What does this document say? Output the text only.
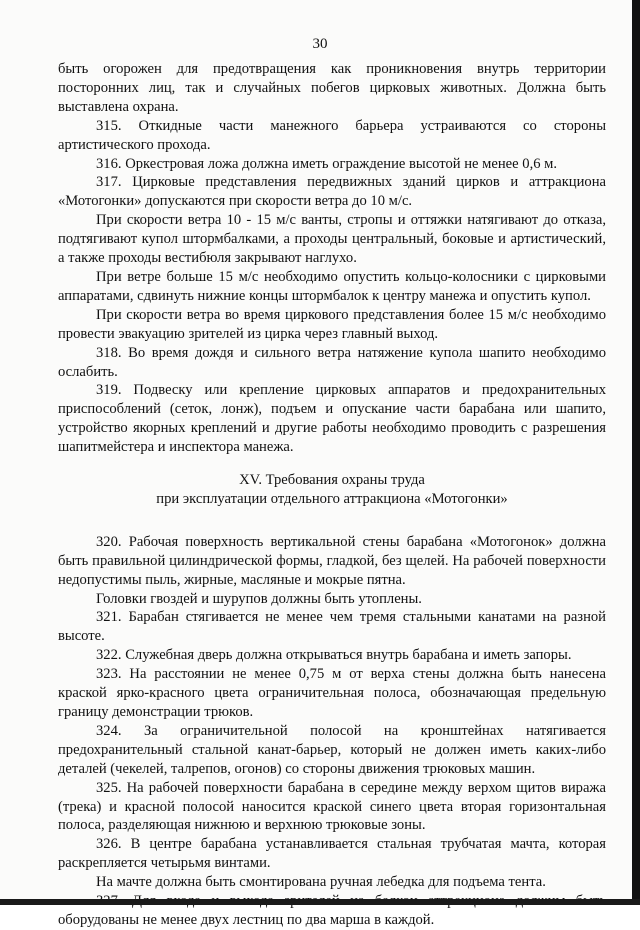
30

быть огорожен для предотвращения как проникновения внутрь территории посторонних лиц, так и случайных побегов цирковых животных. Должна быть выставлена охрана.

315. Откидные части манежного барьера устраиваются со стороны артистического прохода.

316. Оркестровая ложа должна иметь ограждение высотой не менее 0,6 м.

317. Цирковые представления передвижных зданий цирков и аттракциона «Мотогонки» допускаются при скорости ветра до 10 м/с.

При скорости ветра 10 - 15 м/с ванты, стропы и оттяжки натягивают до отказа, подтягивают купол штормбалками, а проходы центральный, боковые и артистический, а также проходы вестибюля закрывают наглухо.

При ветре больше 15 м/с необходимо опустить кольцо-колосники с цирковыми аппаратами, сдвинуть нижние концы штормбалок к центру манежа и опустить купол.

При скорости ветра во время циркового представления более 15 м/с необходимо провести эвакуацию зрителей из цирка через главный выход.

318. Во время дождя и сильного ветра натяжение купола шапито необходимо ослабить.

319. Подвеску или крепление цирковых аппаратов и предохранительных приспособлений (сеток, лонж), подъем и опускание части барабана или шапито, устройство якорных креплений и другие работы необходимо проводить с разрешения шапитмейстера и инспектора манежа.

XV. Требования охраны труда
при эксплуатации отдельного аттракциона «Мотогонки»

320. Рабочая поверхность вертикальной стены барабана «Мотогонок» должна быть правильной цилиндрической формы, гладкой, без щелей. На рабочей поверхности недопустимы пыль, жирные, масляные и мокрые пятна.

Головки гвоздей и шурупов должны быть утоплены.

321. Барабан стягивается не менее чем тремя стальными канатами на разной высоте.

322. Служебная дверь должна открываться внутрь барабана и иметь запоры.

323. На расстоянии не менее 0,75 м от верха стены должна быть нанесена краской ярко-красного цвета ограничительная полоса, обозначающая предельную границу демонстрации трюков.

324. За ограничительной полосой на кронштейнах натягивается предохранительный стальной канат-барьер, который не должен иметь каких-либо деталей (чекелей, талрепов, огонов) со стороны движения трюковых машин.

325. На рабочей поверхности барабана в середине между верхом щитов виража (трека) и красной полосой наносится краской синего цвета вторая горизонтальная полоса, разделяющая нижнюю и верхнюю трюковые зоны.

326. В центре барабана устанавливается стальная трубчатая мачта, которая раскрепляется четырьмя винтами.

На мачте должна быть смонтирована ручная лебедка для подъема тента.

оборудованы не менее двух лестниц по два марша в каждой.
